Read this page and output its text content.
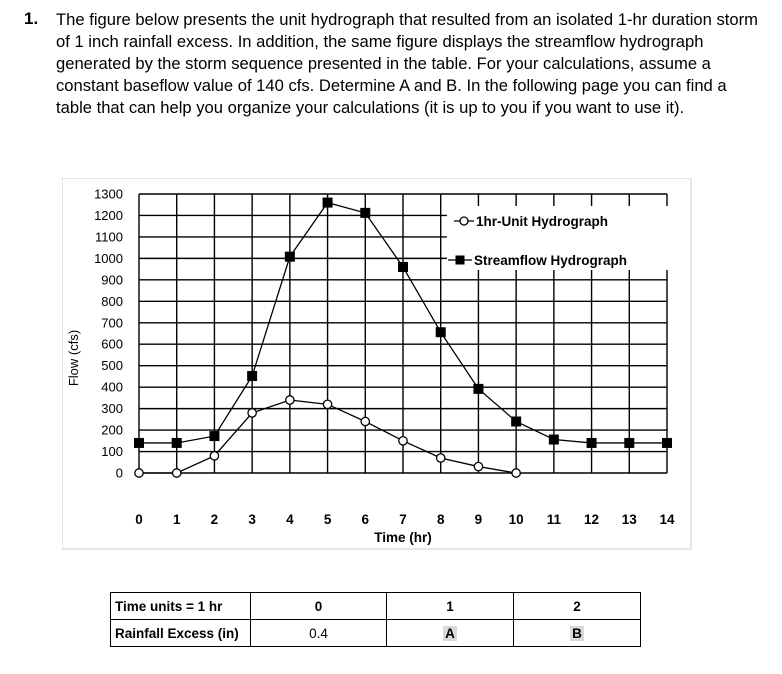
1. The figure below presents the unit hydrograph that resulted from an isolated 1-hr duration storm of 1 inch rainfall excess. In addition, the same figure displays the streamflow hydrograph generated by the storm sequence presented in the table. For your calculations, assume a constant baseflow value of 140 cfs. Determine A and B. In the following page you can find a table that can help you organize your calculations (it is up to you if you want to use it).
0
100
200
300
400
500
600
700
800
900
1000
1100
1200
1300
0 1 2 3 4 5 6 7 8 9 10 11 12 13 14
Flow (cfs)
Time (hr)
1hr-Unit Hydrograph
Streamflow Hydrograph
Time units = 1 hr	0	1	2
Rainfall Excess (in)	0.4	A	B
